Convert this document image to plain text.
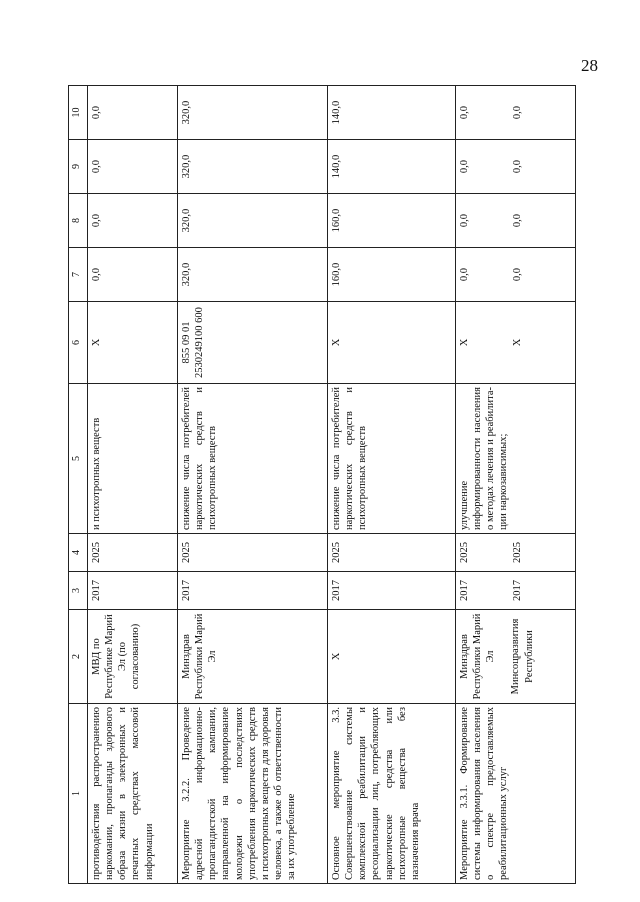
28
1	2	3	4	5	6	7	8	9	10
противодействия распространению наркомании, пропаганды здорового образа жизни в электронных и печатных средствах массовой информации	МВД по Республике Марий Эл (по согласованию)	2017	2025	и психотропных веществ	X	0,0	0,0	0,0	0,0
Мероприятие 3.2.2. Проведение адресной информационно-пропагандистской кампании, направленной на информирование молодежи о последствиях употребления наркотических средств и психотропных веществ для здоровья человека, а также об ответственности за их употребление	Минздрав Республики Марий Эл	2017	2025	снижение числа потребителей наркотических средств и психотропных веществ	855 09 01 2530249100 600	320,0	320,0	320,0	320,0
Основное мероприятие 3.3. Совершенствование системы комплексной реабилитации и ресоциализации лиц, потребляющих наркотические средства или психотропные вещества без назначения врача	X	2017	2025	снижение числа потребителей наркотических средств и психотропных веществ	X	160,0	160,0	140,0	140,0
Мероприятие 3.3.1. Формирование системы информирования населения о спектре предоставляемых реабилитационных услуг	Минздрав Республики Марий Эл Минсоцразвития Республики	2017 2017	2025 2025	улучшение информированности населения о методах лечения и реабилита-ции наркозависимых;	X X	0,0 0,0	0,0 0,0	0,0 0,0	0,0 0,0
